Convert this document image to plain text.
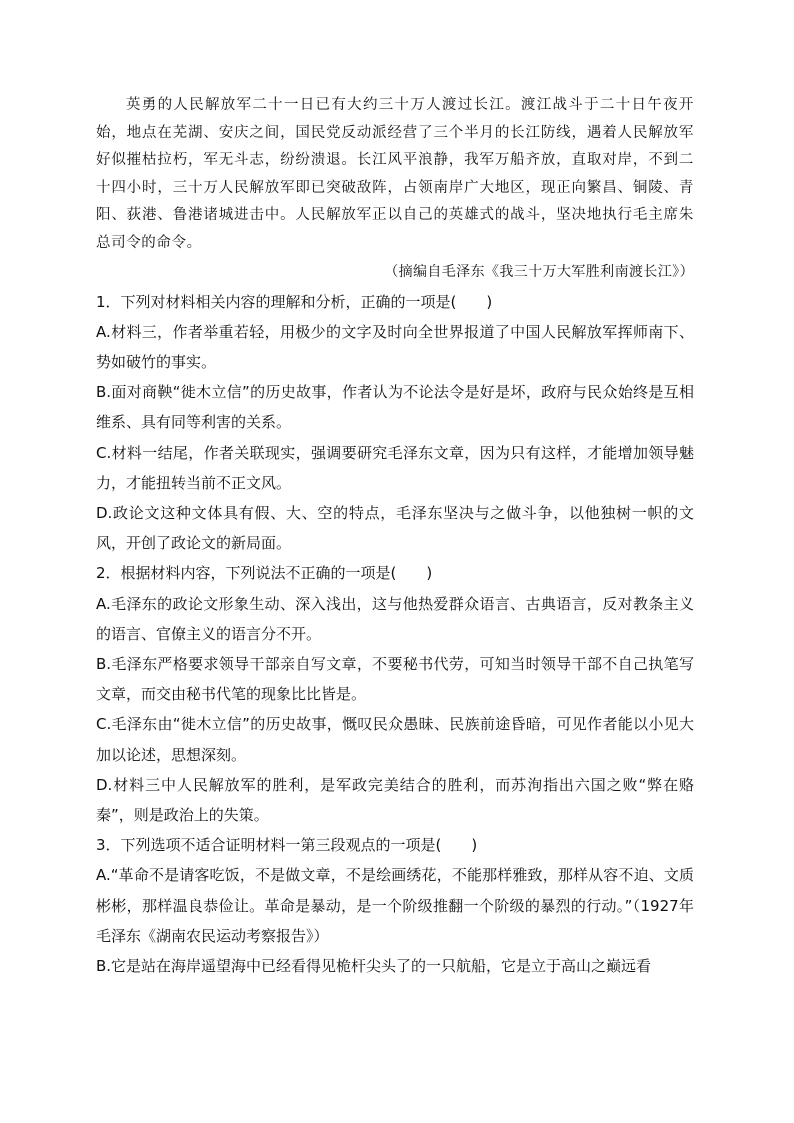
英勇的人民解放军二十一日已有大约三十万人渡过长江。渡江战斗于二十日午夜开始，地点在芜湖、安庆之间，国民党反动派经营了三个半月的长江防线，遇着人民解放军好似摧枯拉朽，军无斗志，纷纷溃退。长江风平浪静，我军万船齐放，直取对岸，不到二十四小时，三十万人民解放军即已突破敌阵，占领南岸广大地区，现正向繁昌、铜陵、青阳、荻港、鲁港诸城进击中。人民解放军正以自己的英雄式的战斗，坚决地执行毛主席朱总司令的命令。

（摘编自毛泽东《我三十万大军胜利南渡长江》）

1．下列对材料相关内容的理解和分析，正确的一项是(　　)

A.材料三，作者举重若轻，用极少的文字及时向全世界报道了中国人民解放军挥师南下、势如破竹的事实。

B.面对商鞅“徙木立信”的历史故事，作者认为不论法令是好是坏，政府与民众始终是互相维系、具有同等利害的关系。

C.材料一结尾，作者关联现实，强调要研究毛泽东文章，因为只有这样，才能增加领导魅力，才能扭转当前不正文风。

D.政论文这种文体具有假、大、空的特点，毛泽东坚决与之做斗争，以他独树一帜的文风，开创了政论文的新局面。

2．根据材料内容，下列说法不正确的一项是(　　)

A.毛泽东的政论文形象生动、深入浅出，这与他热爱群众语言、古典语言，反对教条主义的语言、官僚主义的语言分不开。

B.毛泽东严格要求领导干部亲自写文章，不要秘书代劳，可知当时领导干部不自己执笔写文章，而交由秘书代笔的现象比比皆是。

C.毛泽东由“徙木立信”的历史故事，慨叹民众愚昧、民族前途昏暗，可见作者能以小见大加以论述，思想深刻。

D.材料三中人民解放军的胜利，是军政完美结合的胜利，而苏洵指出六国之败“弊在赂秦”，则是政治上的失策。

3．下列选项不适合证明材料一第三段观点的一项是(　　)

A.“革命不是请客吃饭，不是做文章，不是绘画绣花，不能那样雅致，那样从容不迫、文质彬彬，那样温良恭俭让。革命是暴动，是一个阶级推翻一个阶级的暴烈的行动。”（1927年毛泽东《湖南农民运动考察报告》）

B.它是站在海岸遥望海中已经看得见桅杆尖头了的一只航船，它是立于高山之巅远看
